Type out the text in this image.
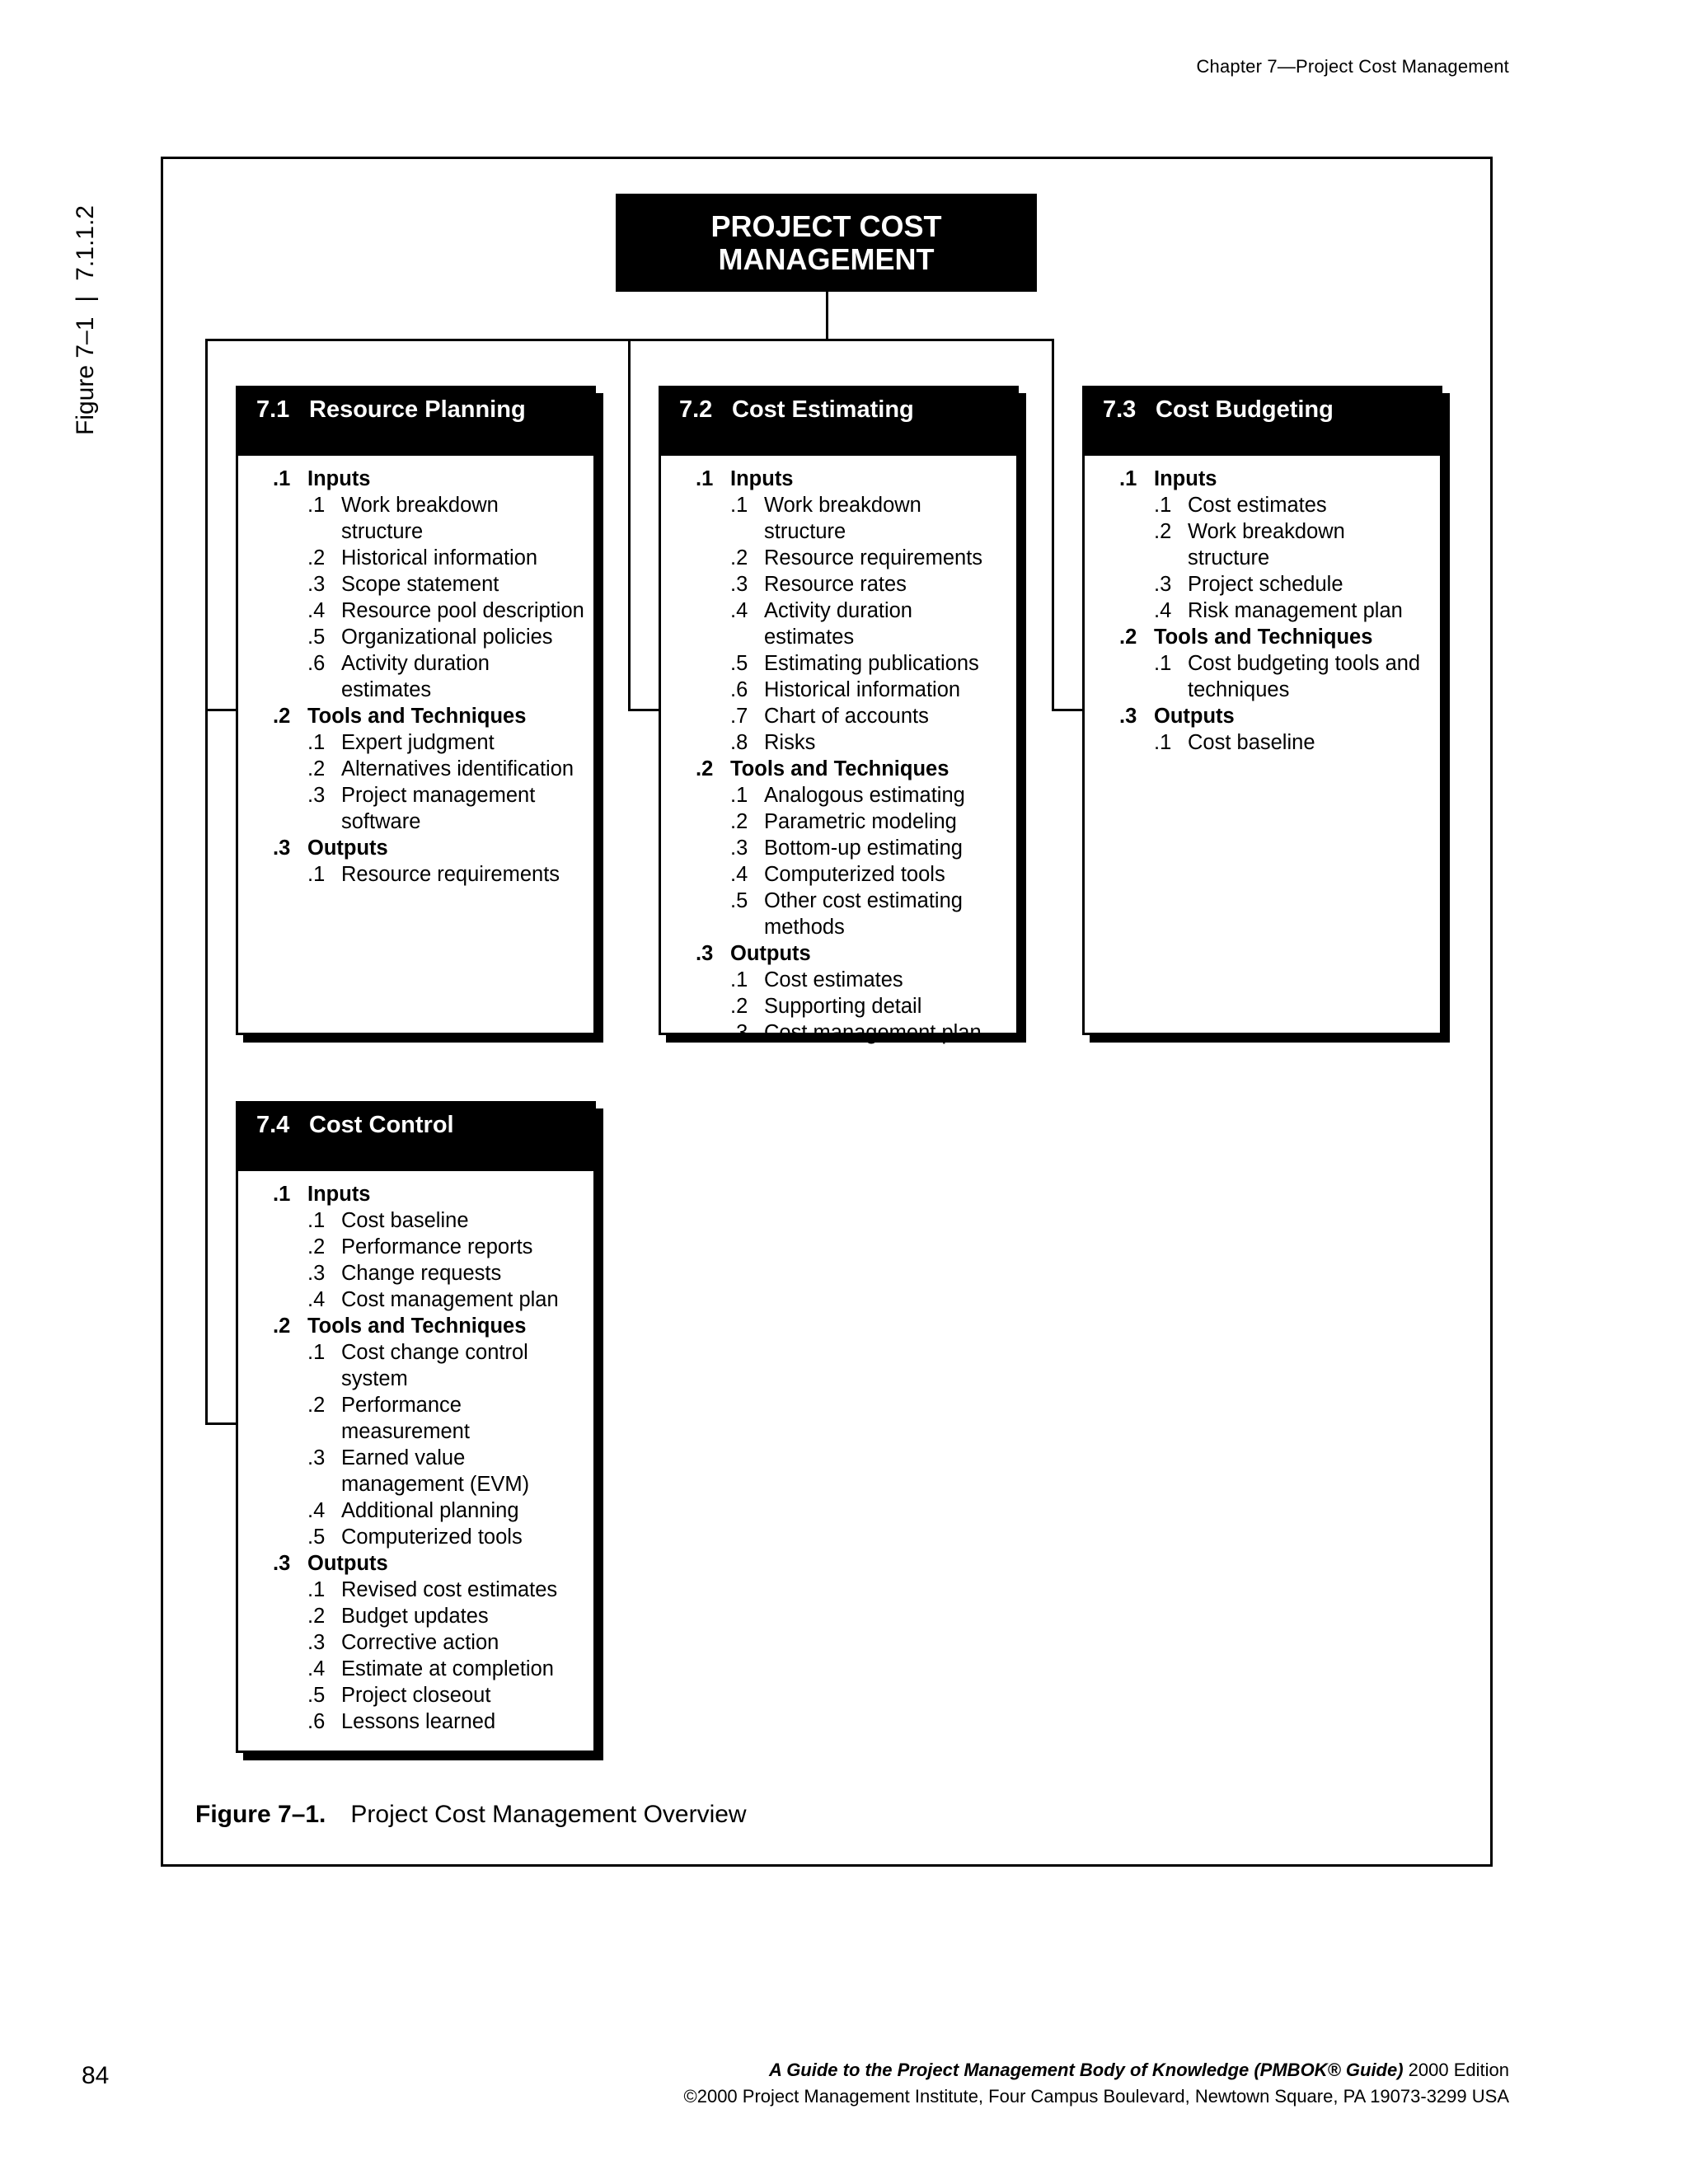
Chapter 7—Project Cost Management
Figure 7–1
|
7.1.1.2	PROJECT COST
MANAGEMENT
7.1 Resource Planning
.1 Inputs
.1 Work breakdown structure
.2 Historical information
.3 Scope statement
.4 Resource pool description
.5 Organizational policies
.6 Activity duration estimates
.2 Tools and Techniques
.1 Expert judgment
.2 Alternatives identification
.3 Project management software
.3 Outputs
.1 Resource requirements
7.2 Cost Estimating
.1 Inputs
.1 Work breakdown structure
.2 Resource requirements
.3 Resource rates
.4 Activity duration estimates
.5 Estimating publications
.6 Historical information
.7 Chart of accounts
.8 Risks
.2 Tools and Techniques
.1 Analogous estimating
.2 Parametric modeling
.3 Bottom-up estimating
.4 Computerized tools
.5 Other cost estimating methods
.3 Outputs
.1 Cost estimates
.2 Supporting detail
.3 Cost management plan
7.3 Cost Budgeting
.1 Inputs
.1 Cost estimates
.2 Work breakdown structure
.3 Project schedule
.4 Risk management plan
.2 Tools and Techniques
.1 Cost budgeting tools and techniques
.3 Outputs
.1 Cost baseline
7.4 Cost Control
.1 Inputs
.1 Cost baseline
.2 Performance reports
.3 Change requests
.4 Cost management plan
.2 Tools and Techniques
.1 Cost change control system
.2 Performance measurement
.3 Earned value management (EVM)
.4 Additional planning
.5 Computerized tools
.3 Outputs
.1 Revised cost estimates
.2 Budget updates
.3 Corrective action
.4 Estimate at completion
.5 Project closeout
.6 Lessons learned
Figure 7–1. Project Cost Management Overview
84	A Guide to the Project Management Body of Knowledge (PMBOK® Guide) 2000 Edition
©2000 Project Management Institute, Four Campus Boulevard, Newtown Square, PA 19073-3299 USA
